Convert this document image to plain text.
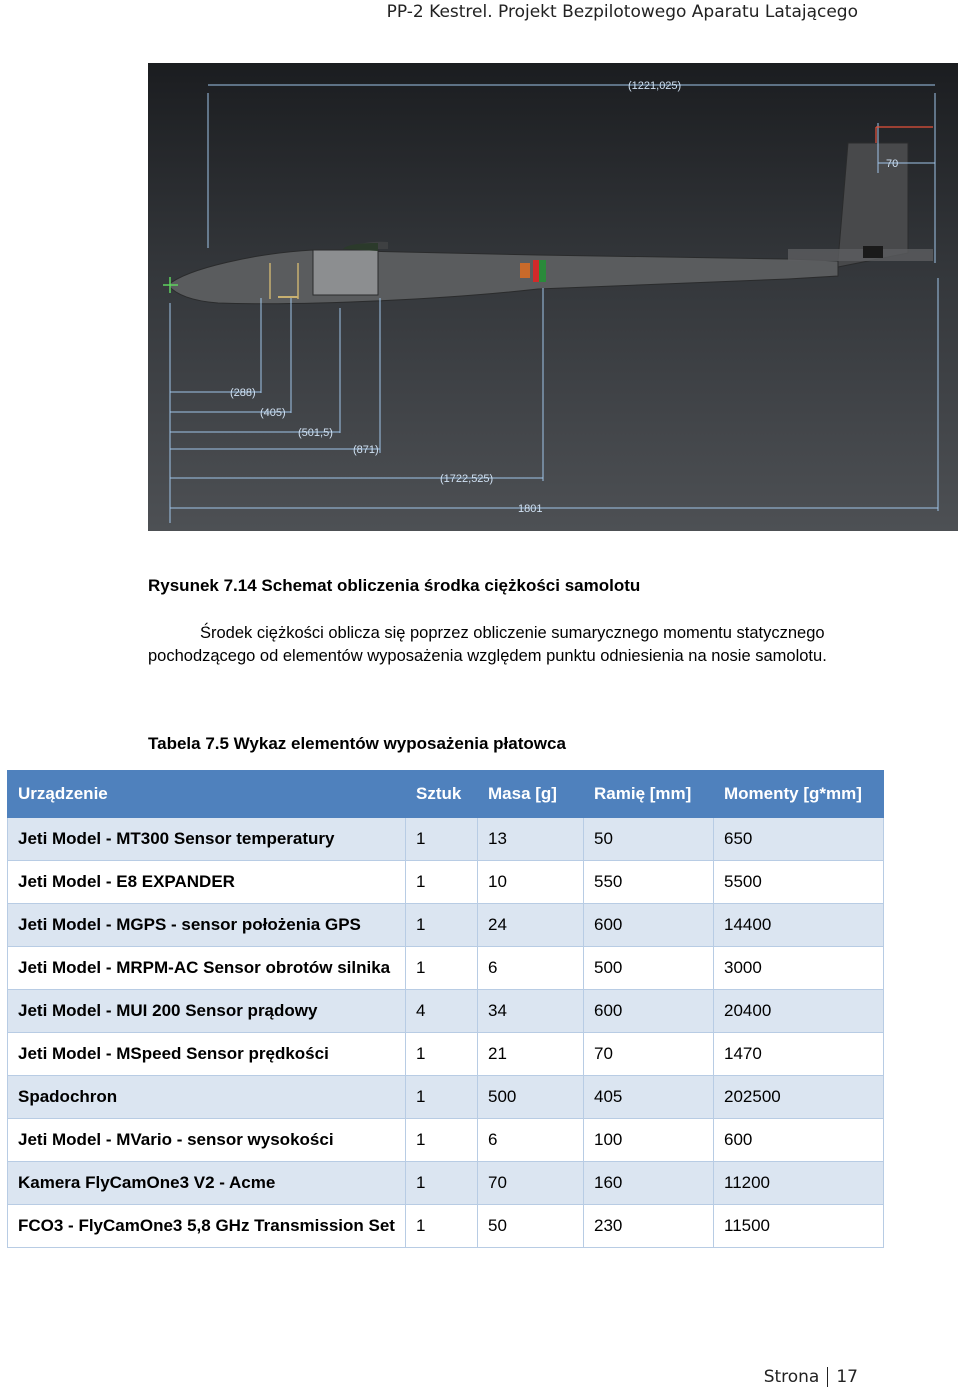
PP-2 Kestrel. Projekt Bezpilotowego Aparatu Latającego
(1221,025)
70
(288)
(405)
(501,5)
(871)
(1722,525)
1801
Rysunek 7.14 Schemat obliczenia środka ciężkości samolotu
Środek ciężkości oblicza się poprzez obliczenie sumarycznego momentu statycznego pochodzącego od elementów wyposażenia względem punktu odniesienia na nosie samolotu.
Tabela 7.5 Wykaz elementów wyposażenia płatowca
Urządzenie	Sztuk	Masa [g]	Ramię [mm]	Momenty [g*mm]
Jeti Model - MT300 Sensor temperatury	1	13	50	650
Jeti Model - E8 EXPANDER	1	10	550	5500
Jeti Model - MGPS - sensor położenia GPS	1	24	600	14400
Jeti Model - MRPM-AC Sensor obrotów silnika	1	6	500	3000
Jeti Model - MUI 200 Sensor prądowy	4	34	600	20400
Jeti Model - MSpeed Sensor prędkości	1	21	70	1470
Spadochron	1	500	405	202500
Jeti Model - MVario - sensor wysokości	1	6	100	600
Kamera FlyCamOne3 V2 - Acme	1	70	160	11200
FCO3 - FlyCamOne3 5,8 GHz Transmission Set	1	50	230	11500
Strona 17
